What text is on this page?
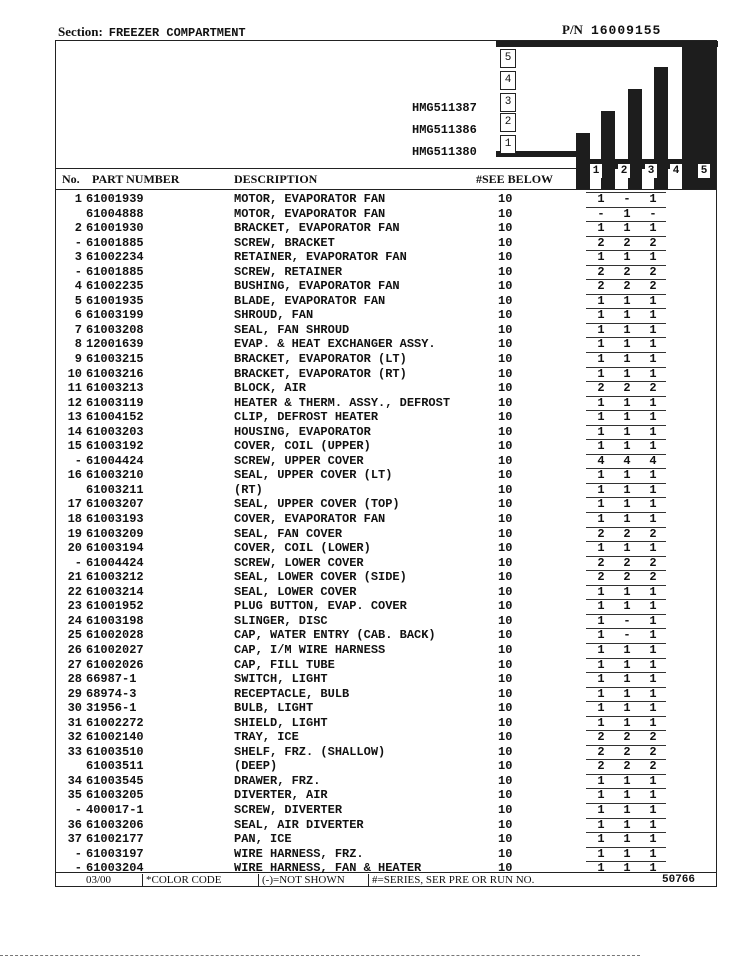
Section: FREEZER COMPARTMENT	P/N 16009155
5
4
3
2
1
HMG511387
HMG511386
HMG511380
No. PART NUMBER	DESCRIPTION	#SEE BELOW
1 2 3 4 5
1 61001939	MOTOR, EVAPORATOR FAN	10	1	-	1
61004888	MOTOR, EVAPORATOR FAN	10	-	1	-
2 61001930	BRACKET, EVAPORATOR FAN	10	1	1	1
- 61001885	SCREW, BRACKET	10	2	2	2
3 61002234	RETAINER, EVAPORATOR FAN	10	1	1	1
- 61001885	SCREW, RETAINER	10	2	2	2
4 61002235	BUSHING, EVAPORATOR FAN	10	2	2	2
5 61001935	BLADE, EVAPORATOR FAN	10	1	1	1
6 61003199	SHROUD, FAN	10	1	1	1
7 61003208	SEAL, FAN SHROUD	10	1	1	1
8 12001639	EVAP. & HEAT EXCHANGER ASSY.	10	1	1	1
9 61003215	BRACKET, EVAPORATOR (LT)	10	1	1	1
10 61003216	BRACKET, EVAPORATOR (RT)	10	1	1	1
11 61003213	BLOCK, AIR	10	2	2	2
12 61003119	HEATER & THERM. ASSY., DEFROST	10	1	1	1
13 61004152	CLIP, DEFROST HEATER	10	1	1	1
14 61003203	HOUSING, EVAPORATOR	10	1	1	1
15 61003192	COVER, COIL (UPPER)	10	1	1	1
- 61004424	SCREW, UPPER COVER	10	4	4	4
16 61003210	SEAL, UPPER COVER (LT)	10	1	1	1
61003211	(RT)	10	1	1	1
17 61003207	SEAL, UPPER COVER (TOP)	10	1	1	1
18 61003193	COVER, EVAPORATOR FAN	10	1	1	1
19 61003209	SEAL, FAN COVER	10	2	2	2
20 61003194	COVER, COIL (LOWER)	10	1	1	1
- 61004424	SCREW, LOWER COVER	10	2	2	2
21 61003212	SEAL, LOWER COVER (SIDE)	10	2	2	2
22 61003214	SEAL, LOWER COVER	10	1	1	1
23 61001952	PLUG BUTTON, EVAP. COVER	10	1	1	1
24 61003198	SLINGER, DISC	10	1	-	1
25 61002028	CAP, WATER ENTRY (CAB. BACK)	10	1	-	1
26 61002027	CAP, I/M WIRE HARNESS	10	1	1	1
27 61002026	CAP, FILL TUBE	10	1	1	1
28 66987-1	SWITCH, LIGHT	10	1	1	1
29 68974-3	RECEPTACLE, BULB	10	1	1	1
30 31956-1	BULB, LIGHT	10	1	1	1
31 61002272	SHIELD, LIGHT	10	1	1	1
32 61002140	TRAY, ICE	10	2	2	2
33 61003510	SHELF, FRZ. (SHALLOW)	10	2	2	2
61003511	(DEEP)	10	2	2	2
34 61003545	DRAWER, FRZ.	10	1	1	1
35 61003205	DIVERTER, AIR	10	1	1	1
- 400017-1	SCREW, DIVERTER	10	1	1	1
36 61003206	SEAL, AIR DIVERTER	10	1	1	1
37 61002177	PAN, ICE	10	1	1	1
- 61003197	WIRE HARNESS, FRZ.	10	1	1	1
- 61003204	WIRE HARNESS, FAN & HEATER	10	1	1	1
03/00	*COLOR CODE	(-)=NOT SHOWN #=SERIES, SER PRE OR RUN NO.	50766
